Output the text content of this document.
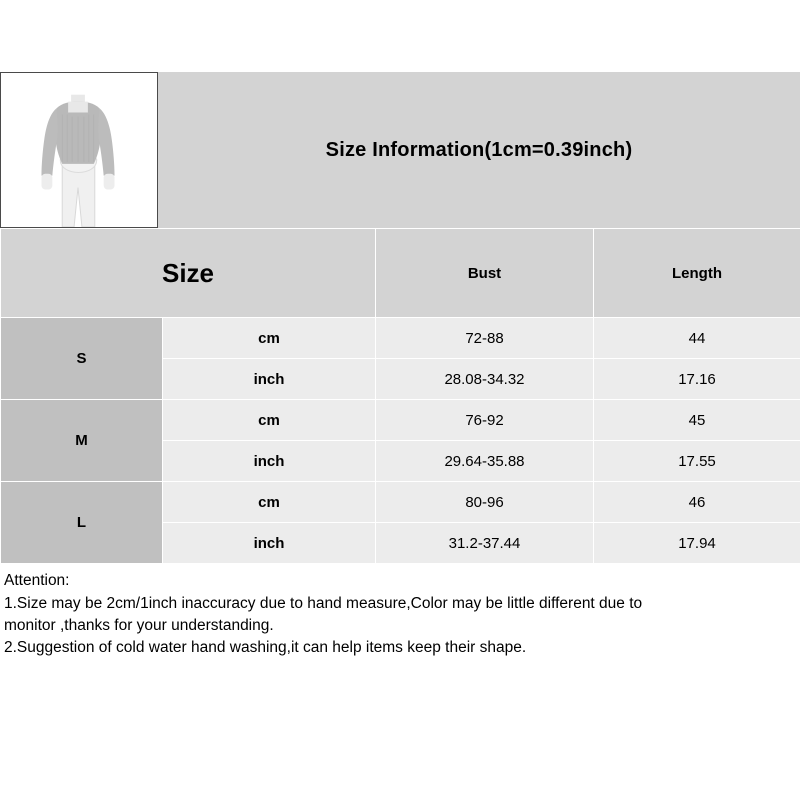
Size Information(1cm=0.39inch)
Size		Bust	Length
S	cm	72-88	44
	inch	28.08-34.32	17.16
M	cm	76-92	45
	inch	29.64-35.88	17.55
L	cm	80-96	46
	inch	31.2-37.44	17.94
Attention:
1.Size may be 2cm/1inch inaccuracy due to hand measure,Color may be little different due to
monitor ,thanks for your understanding.
2.Suggestion of cold water hand washing,it can help items keep their shape.
